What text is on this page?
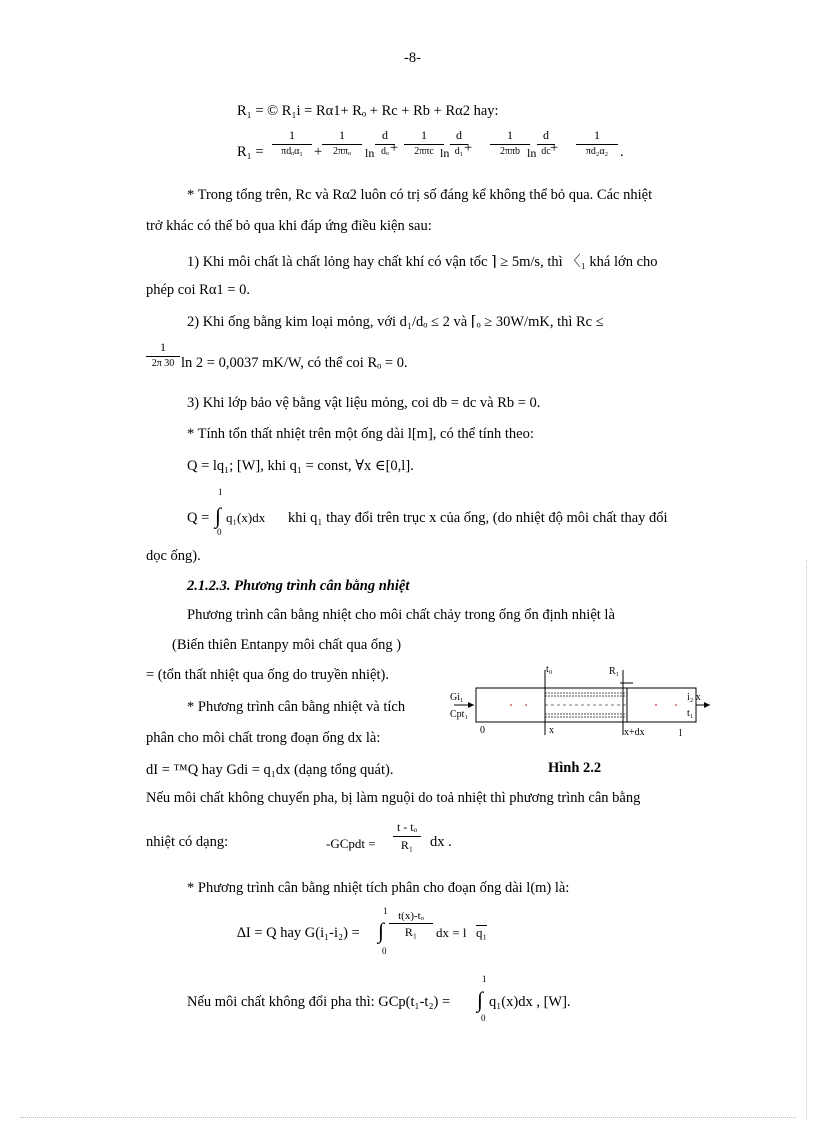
-8-
R₁ = © R₁i = Rα1+ Rₒ + Rc + Rb + Rα2 hay:
R₁ =
1
πdₒα₁ +
1
2ππₒ	ln
d
dₒ +
1
2ππc ln
d
d₁ +
1
2ππb ln
d
dc +
1
πd₂α₂ .
* Trong tổng trên, Rc và Rα2 luôn có trị số đáng kể không thể bỏ qua. Các nhiệt
trở khác có thể bỏ qua khi đáp ứng điều kiện sau:
1) Khi môi chất là chất lỏng hay chất khí có vận tốc ⌉ ≥ 5m/s, thì 〈₁ khá lớn cho
phép coi Rα1 = 0.
2) Khi ống bằng kim loại mỏng, với d₁/dₒ ≤ 2 và ⌈ₒ ≥ 30W/mK, thì Rc ≤
1
2π 30 ln 2 = 0,0037 mK/W, có thể coi Rₒ = 0.
3) Khi lớp bảo vệ bằng vật liệu mỏng, coi db = dc và Rb = 0.
* Tính tổn thất nhiệt trên một ống dài l[m], có thể tính theo:
Q = lq₁; [W], khi q₁ = const, ∀x ∈[0,l].
Q = ∫
1
0
q₁(x)dx khi q₁ thay đổi trên trục x của ống, (do nhiệt độ môi chất thay đổi
dọc ống).
2.1.2.3. Phương trình cân bằng nhiệt
Phương trình cân bằng nhiệt cho môi chất chảy trong ống ổn định nhiệt là
(Biến thiên Entanpy môi chất qua ống )
= (tổn thất nhiệt qua ống do truyền nhiệt).
* Phương trình cân bằng nhiệt và tích
phân cho môi chất trong đoạn ống dx là:
dI = ™Q hay Gdi = q₁dx (dạng tổng quát).
t₀	R₁
Gi₁
Cpt₁
i₂ x
t₁
0	x	x+dx	l
Hình 2.2
Nếu môi chất không chuyển pha, bị làm nguội do toả nhiệt thì phương trình cân bằng
nhiệt có dạng:	-GCpdt =
t - tₒ
R₁	dx .
* Phương trình cân bằng nhiệt tích phân cho đoạn ống dài l(m) là:
∆I = Q hay G(i₁-i₂) = ∫
1
0
t(x)-tₒ
R₁	dx = l q₁
Nếu môi chất không đổi pha thì: GCp(t₁-t₂) = ∫
1
0
q₁(x)dx , [W].
